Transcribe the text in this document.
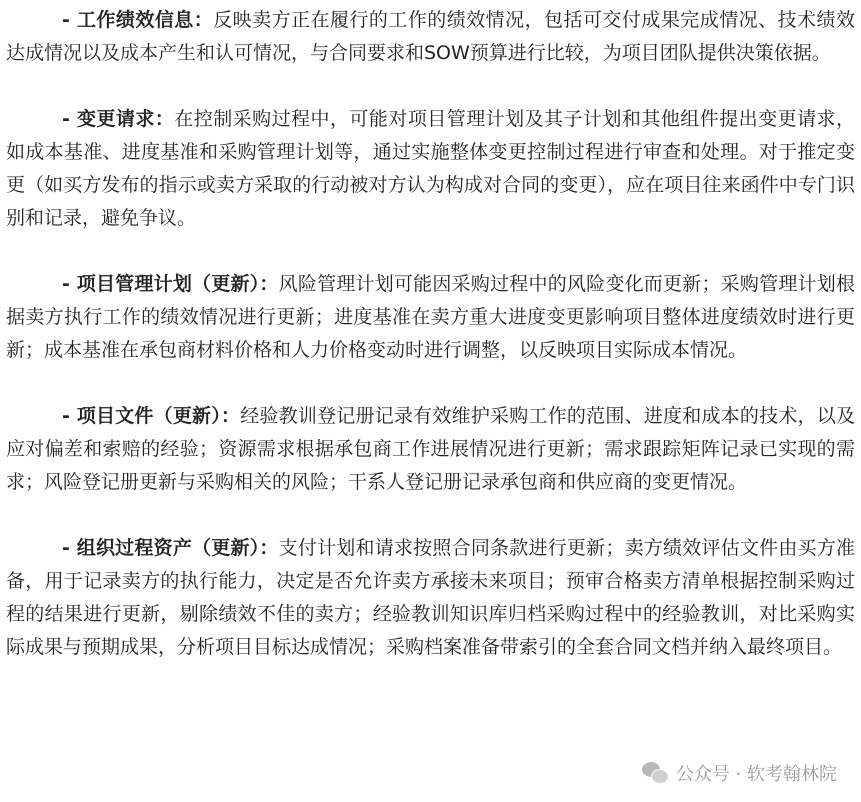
- 工作绩效信息：反映卖方正在履行的工作的绩效情况，包括可交付成果完成情况、技术绩效达成情况以及成本产生和认可情况，与合同要求和SOW预算进行比较，为项目团队提供决策依据。

- 变更请求：在控制采购过程中，可能对项目管理计划及其子计划和其他组件提出变更请求，如成本基准、进度基准和采购管理计划等，通过实施整体变更控制过程进行审查和处理。对于推定变更（如买方发布的指示或卖方采取的行动被对方认为构成对合同的变更），应在项目往来函件中专门识别和记录，避免争议。

- 项目管理计划（更新）：风险管理计划可能因采购过程中的风险变化而更新；采购管理计划根据卖方执行工作的绩效情况进行更新；进度基准在卖方重大进度变更影响项目整体进度绩效时进行更新；成本基准在承包商材料价格和人力价格变动时进行调整，以反映项目实际成本情况。

- 项目文件（更新）：经验教训登记册记录有效维护采购工作的范围、进度和成本的技术，以及应对偏差和索赔的经验；资源需求根据承包商工作进展情况进行更新；需求跟踪矩阵记录已实现的需求；风险登记册更新与采购相关的风险；干系人登记册记录承包商和供应商的变更情况。

- 组织过程资产（更新）：支付计划和请求按照合同条款进行更新；卖方绩效评估文件由买方准备，用于记录卖方的执行能力，决定是否允许卖方承接未来项目；预审合格卖方清单根据控制采购过程的结果进行更新，剔除绩效不佳的卖方；经验教训知识库归档采购过程中的经验教训，对比采购实际成果与预期成果，分析项目目标达成情况；采购档案准备带索引的全套合同文档并纳入最终项目。

公众号 · 软考翰林院
